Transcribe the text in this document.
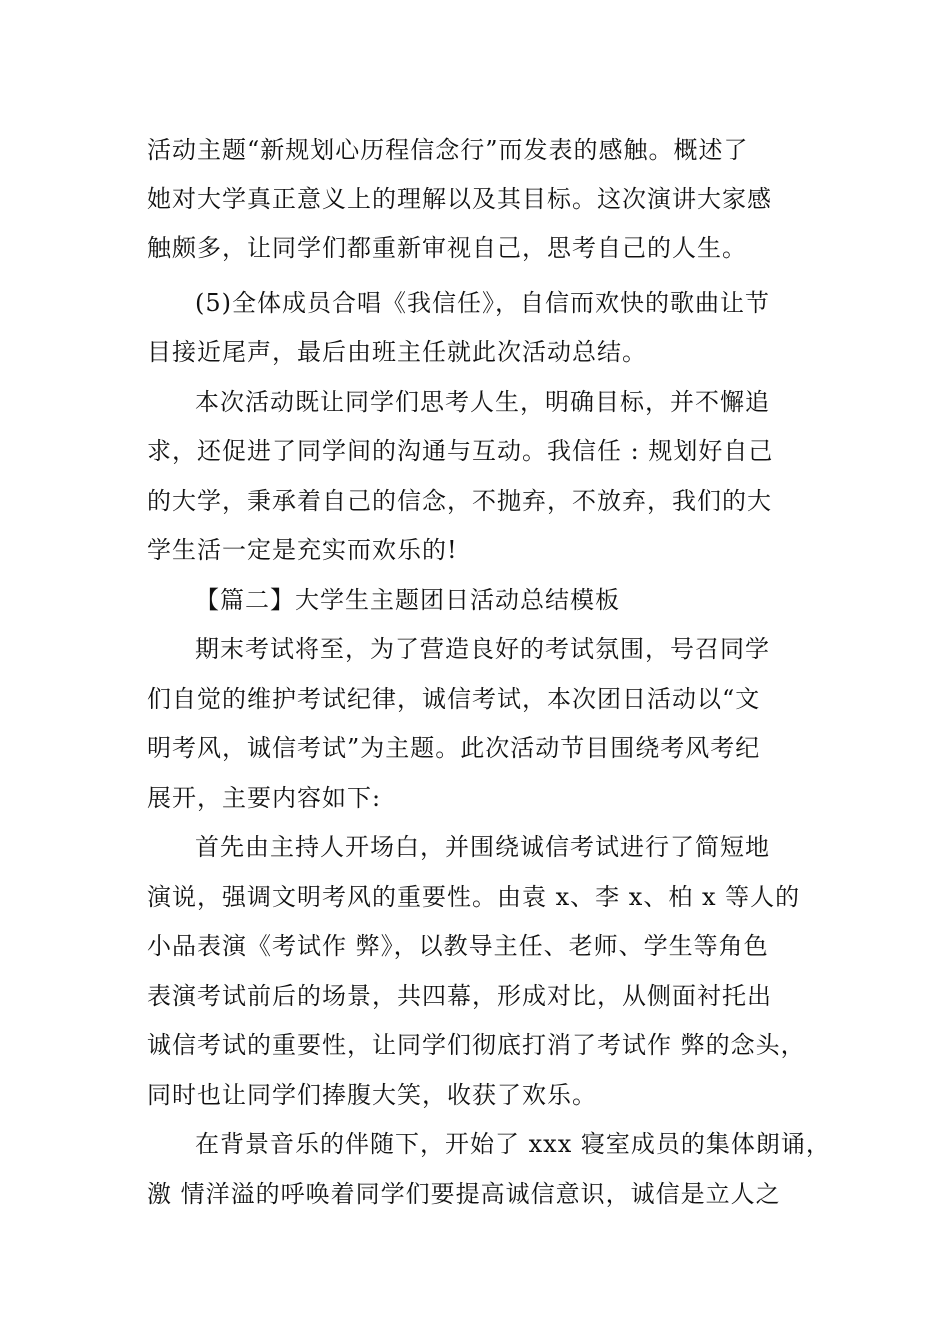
活动主题“新规划心历程信念行”而发表的感触。概述了
她对大学真正意义上的理解以及其目标。这次演讲大家感
触颇多，让同学们都重新审视自己，思考自己的人生。
(5)全体成员合唱《我信任》，自信而欢快的歌曲让节
目接近尾声，最后由班主任就此次活动总结。
本次活动既让同学们思考人生，明确目标，并不懈追
求，还促进了同学间的沟通与互动。我信任 : 规划好自己
的大学，秉承着自己的信念，不抛弃，不放弃，我们的大
学生活一定是充实而欢乐的!
【篇二】大学生主题团日活动总结模板
期末考试将至，为了营造良好的考试氛围，号召同学
们自觉的维护考试纪律，诚信考试，本次团日活动以“文
明考风，诚信考试”为主题。此次活动节目围绕考风考纪
展开，主要内容如下:
首先由主持人开场白，并围绕诚信考试进行了简短地
演说，强调文明考风的重要性。由袁 x、李 x、柏 x 等人的
小品表演《考试作 弊》，以教导主任、老师、学生等角色
表演考试前后的场景，共四幕，形成对比，从侧面衬托出
诚信考试的重要性，让同学们彻底打消了考试作 弊的念头，
同时也让同学们捧腹大笑，收获了欢乐。
在背景音乐的伴随下，开始了 xxx 寝室成员的集体朗诵，
激 情洋溢的呼唤着同学们要提高诚信意识，诚信是立人之
